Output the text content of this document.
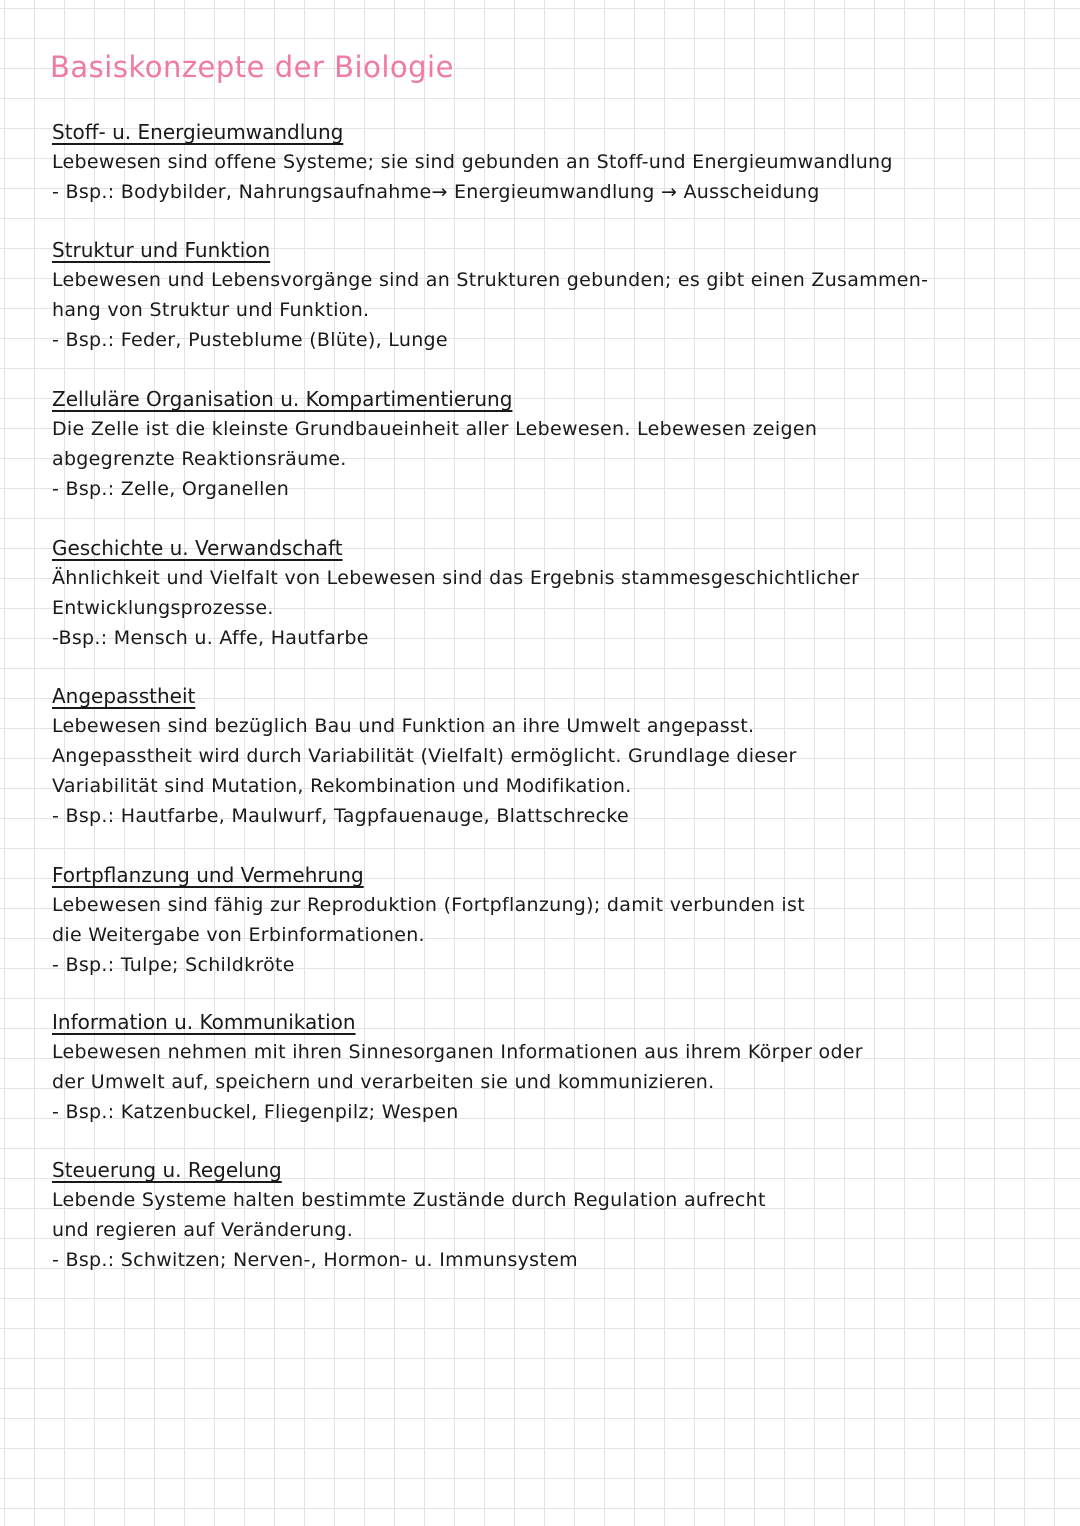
Basiskonzepte der Biologie
Stoff- u. Energieumwandlung
Lebewesen sind offene Systeme; sie sind gebunden an Stoff-und Energieumwandlung
- Bsp.: Bodybilder, Nahrungsaufnahme→ Energieumwandlung → Ausscheidung
Struktur und Funktion
Lebewesen und Lebensvorgänge sind an Strukturen gebunden; es gibt einen Zusammen-
hang von Struktur und Funktion.
- Bsp.: Feder, Pusteblume (Blüte), Lunge
Zelluläre Organisation u. Kompartimentierung
Die Zelle ist die kleinste Grundbaueinheit aller Lebewesen. Lebewesen zeigen
abgegrenzte Reaktionsräume.
- Bsp.: Zelle, Organellen
Geschichte u. Verwandschaft
Ähnlichkeit und Vielfalt von Lebewesen sind das Ergebnis stammesgeschichtlicher
Entwicklungsprozesse.
-Bsp.: Mensch u. Affe, Hautfarbe
Angepasstheit
Lebewesen sind bezüglich Bau und Funktion an ihre Umwelt angepasst.
Angepasstheit wird durch Variabilität (Vielfalt) ermöglicht. Grundlage dieser
Variabilität sind Mutation, Rekombination und Modifikation.
- Bsp.: Hautfarbe, Maulwurf, Tagpfauenauge, Blattschrecke
Fortpflanzung und Vermehrung
Lebewesen sind fähig zur Reproduktion (Fortpflanzung); damit verbunden ist
die Weitergabe von Erbinformationen.
- Bsp.: Tulpe; Schildkröte
Information u. Kommunikation
Lebewesen nehmen mit ihren Sinnesorganen Informationen aus ihrem Körper oder
der Umwelt auf, speichern und verarbeiten sie und kommunizieren.
- Bsp.: Katzenbuckel, Fliegenpilz; Wespen
Steuerung u. Regelung
Lebende Systeme halten bestimmte Zustände durch Regulation aufrecht
und regieren auf Veränderung.
- Bsp.: Schwitzen; Nerven-, Hormon- u. Immunsystem
